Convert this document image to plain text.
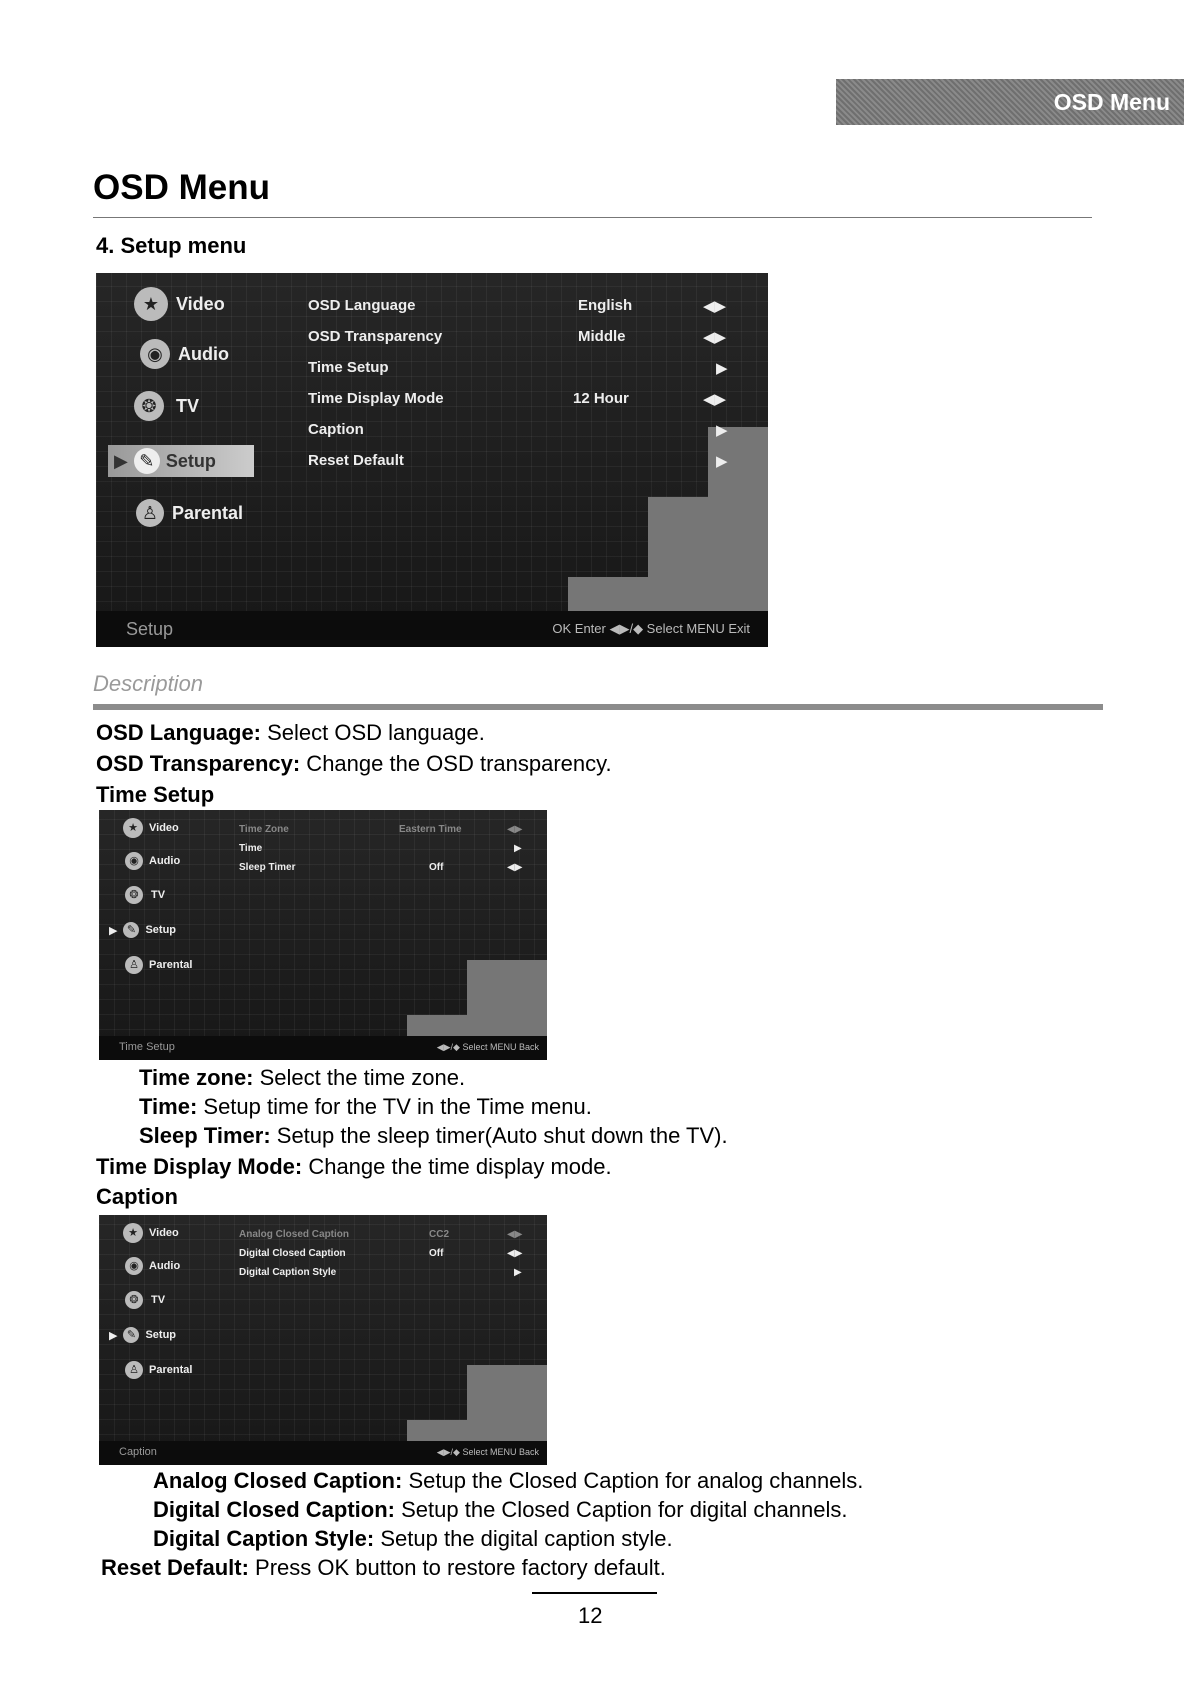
OSD Menu
OSD Menu
4. Setup menu
★ Video
◉ Audio
❂	TV
▶ ✎ Setup
♙ Parental
OSD Language	English	◀▶
OSD Transparency	Middle	◀▶
Time Setup	▶
Time Display Mode	12 Hour	◀▶
Caption	▶
Reset Default	▶
Setup	OK Enter ◀▶/◆ Select MENU Exit
Description
OSD Language: Select OSD language.
OSD Transparency: Change the OSD transparency.
Time Setup
★	Video
◉ Audio
❂	TV
▶ ✎ Setup
♙ Parental
Time Zone	Eastern Time	◀▶
Time	▶
Sleep Timer	Off	◀▶
Time Setup	◀▶/◆ Select MENU Back
Time zone: Select the time zone.
Time: Setup time for the TV in the Time menu.
Sleep Timer: Setup the sleep timer(Auto shut down the TV).
Time Display Mode: Change the time display mode.
Caption
★	Video
◉ Audio
❂	TV
▶ ✎ Setup
♙ Parental
Analog Closed Caption	CC2	◀▶
Digital Closed Caption	Off	◀▶
Digital Caption Style	▶
Caption	◀▶/◆ Select MENU Back
Analog Closed Caption: Setup the Closed Caption for analog channels.
Digital Closed Caption: Setup the Closed Caption for digital channels.
Digital Caption Style: Setup the digital caption style.
Reset Default: Press OK button to restore factory default.
12
